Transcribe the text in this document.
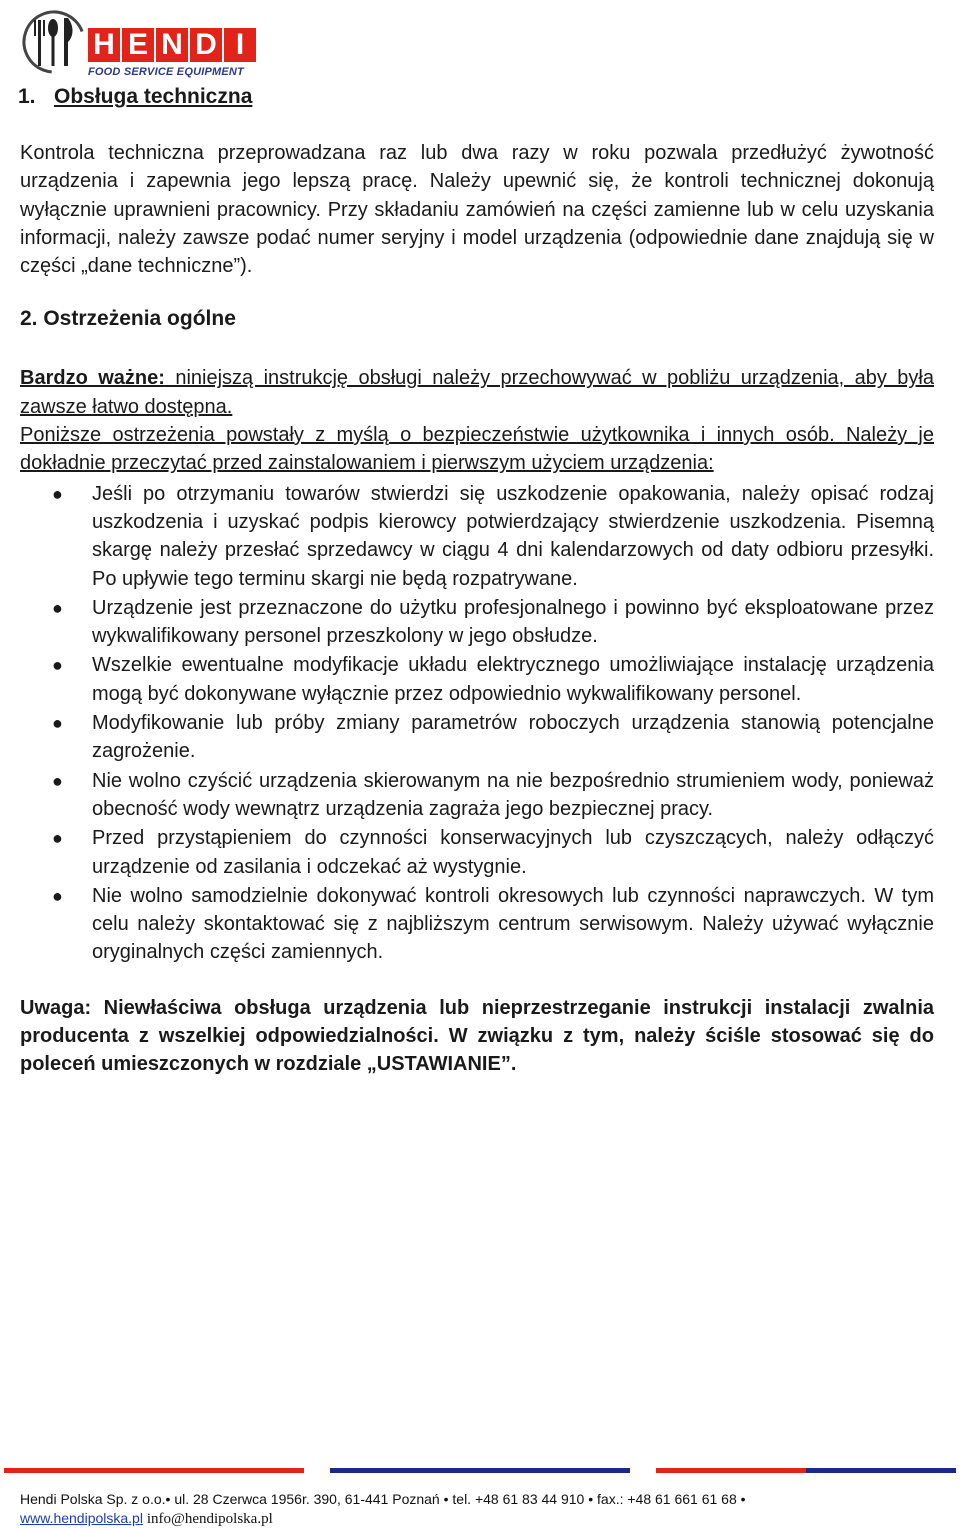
H E N D I
FOOD SERVICE EQUIPMENT
1. Obsługa techniczna

Kontrola techniczna przeprowadzana raz lub dwa razy w roku pozwala przedłużyć żywotność urządzenia i zapewnia jego lepszą pracę. Należy upewnić się, że kontroli technicznej dokonują wyłącznie uprawnieni pracownicy. Przy składaniu zamówień na części zamienne lub w celu uzyskania informacji, należy zawsze podać numer seryjny i model urządzenia (odpowiednie dane znajdują się w części „dane techniczne”).

2. Ostrzeżenia ogólne

Bardzo ważne: niniejszą instrukcję obsługi należy przechowywać w pobliżu urządzenia, aby była zawsze łatwo dostępna.

Poniższe ostrzeżenia powstały z myślą o bezpieczeństwie użytkownika i innych osób. Należy je dokładnie przeczytać przed zainstalowaniem i pierwszym użyciem urządzenia:

● Jeśli po otrzymaniu towarów stwierdzi się uszkodzenie opakowania, należy opisać rodzaj uszkodzenia i uzyskać podpis kierowcy potwierdzający stwierdzenie uszkodzenia. Pisemną skargę należy przesłać sprzedawcy w ciągu 4 dni kalendarzowych od daty odbioru przesyłki. Po upływie tego terminu skargi nie będą rozpatrywane.
● Urządzenie jest przeznaczone do użytku profesjonalnego i powinno być eksploatowane przez wykwalifikowany personel przeszkolony w jego obsłudze.
● Wszelkie ewentualne modyfikacje układu elektrycznego umożliwiające instalację urządzenia mogą być dokonywane wyłącznie przez odpowiednio wykwalifikowany personel.
● Modyfikowanie lub próby zmiany parametrów roboczych urządzenia stanowią potencjalne zagrożenie.
● Nie wolno czyścić urządzenia skierowanym na nie bezpośrednio strumieniem wody, ponieważ obecność wody wewnątrz urządzenia zagraża jego bezpiecznej pracy.
● Przed przystąpieniem do czynności konserwacyjnych lub czyszczących, należy odłączyć urządzenie od zasilania i odczekać aż wystygnie.
● Nie wolno samodzielnie dokonywać kontroli okresowych lub czynności naprawczych. W tym celu należy skontaktować się z najbliższym centrum serwisowym. Należy używać wyłącznie oryginalnych części zamiennych.

Uwaga: Niewłaściwa obsługa urządzenia lub nieprzestrzeganie instrukcji instalacji zwalnia producenta z wszelkiej odpowiedzialności. W związku z tym, należy ściśle stosować się do poleceń umieszczonych w rozdziale „USTAWIANIE”.

Hendi Polska Sp. z o.o.• ul. 28 Czerwca 1956r. 390, 61-441 Poznań • tel. +48 61 83 44 910 • fax.: +48 61 661 61 68 •
www.hendipolska.pl info@hendipolska.pl
